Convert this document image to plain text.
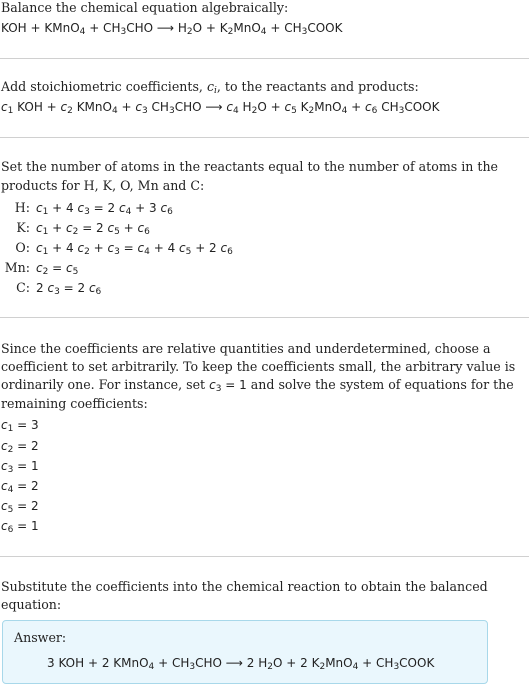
Balance the chemical equation algebraically:
KOH + KMnO$_4$ + $CH_3CHO$ ⟶ $H_2O + K_2MnO_4$ + $CH_3COOK$
Add stoichiometric coefficients, $c_i$, to the reactants and products:
$c_1$ KOH + $c_2$ KMnO$_4$ + $c_3$ $CH_3CHO$ ⟶ $c_4$ $H_2O + c_5$ $K_2MnO_4 + c_6$ $CH_3COOK$
Set the number of atoms in the reactants equal to the number of atoms in the
products for H, K, O, Mn and C:
H: $c_1 + 4$ $c_3 = 2$ $c_4 + 3$ $c_6$
K: $c_1 + c_2 = 2$ $c_5 + c_6$
O: $c_1 + 4$ $c_2 + c_3 = c_4 + 4$ $c_5 + 2$ $c_6$
Mn: $c_2 = c_5$
C: 2 $c_3 = 2$ $c_6$
Since the coefficients are relative quantities and underdetermined, choose a
coefficient to set arbitrarily. To keep the coefficients small, the arbitrary value is
ordinarily one. For instance, set $c_3 = 1$ and solve the system of equations for the
remaining coefficients:
$c_1 = 3$
$c_2 = 2$
$c_3 = 1$
$c_4 = 2$
$c_5 = 2$
$c_6 = 1$
Substitute the coefficients into the chemical reaction to obtain the balanced
equation:
Answer:
3 KOH + 2 KMnO$_4$ + $CH_3CHO$ ⟶ 2 $H_2O + 2$ $K_2MnO_4$ + $CH_3COOK$
